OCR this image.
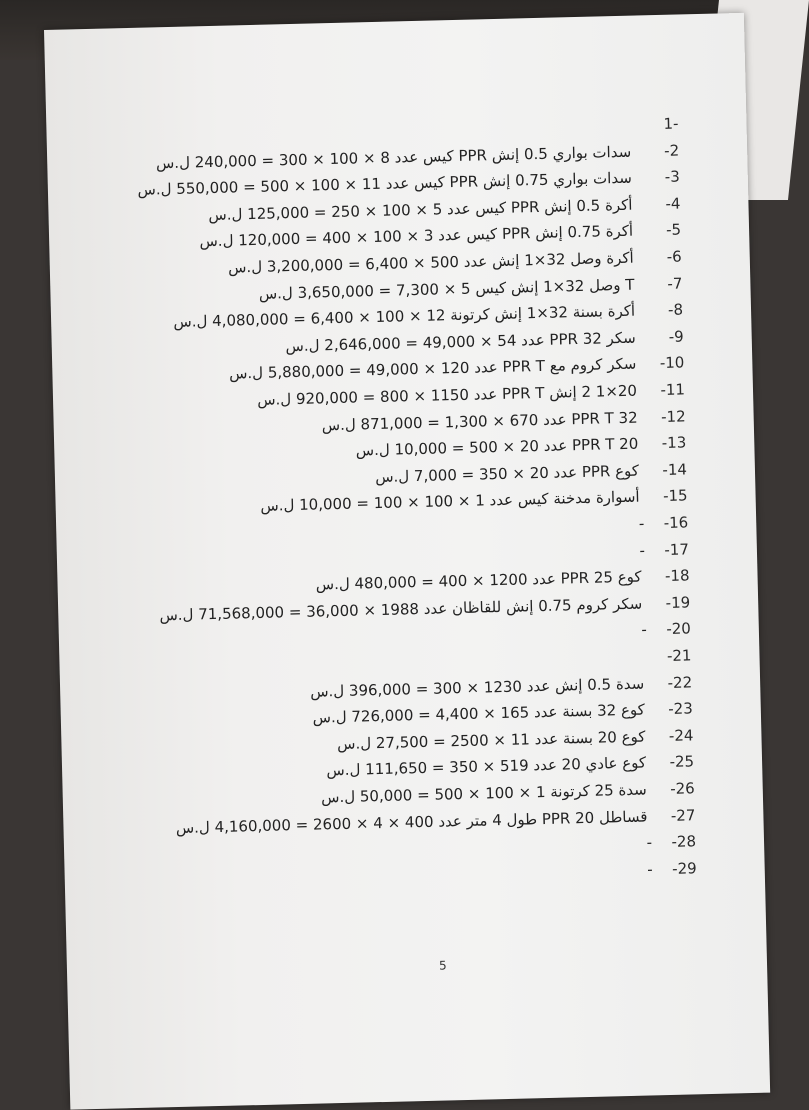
1-
-2
سدات بواري 0.5 إنش PPR كيس عدد 8 × 100 × 300 = 240,000 ل.س
-3
سدات بواري 0.75 إنش PPR كيس عدد 11 × 100 × 500 = 550,000 ل.س
-4
أكرة 0.5 إنش PPR كيس عدد 5 × 100 × 250 = 125,000 ل.س
-5
أكرة 0.75 إنش PPR كيس عدد 3 × 100 × 400 = 120,000 ل.س
-6
أكرة وصل 32×1 إنش عدد 500 × 6,400 = 3,200,000 ل.س
-7
T وصل 32×1 إنش كيس 5 × 7,300 = 3,650,000 ل.س
-8
أكرة بسنة 32×1 إنش كرتونة 12 × 100 × 6,400 = 4,080,000 ل.س
-9
سكر PPR 32 عدد 54 × 49,000 = 2,646,000 ل.س
-10
سكر كروم مع PPR T عدد 120 × 49,000 = 5,880,000 ل.س
-11
20×1 2 إنش PPR T عدد 1150 × 800 = 920,000 ل.س
-12
PPR T 32 عدد 670 × 1,300 = 871,000 ل.س
-13
PPR T 20 عدد 20 × 500 = 10,000 ل.س
-14
كوع PPR عدد 20 × 350 = 7,000 ل.س
-15
أسوارة مدخنة كيس عدد 1 × 100 × 100 = 10,000 ل.س
-16
-
-17
-
-18
كوع PPR 25 عدد 1200 × 400 = 480,000 ل.س
-19
سكر كروم 0.75 إنش للقاظان عدد 1988 × 36,000 = 71,568,000 ل.س
-20
-
-21
-22
سدة 0.5 إنش عدد 1230 × 300 = 396,000 ل.س
-23
كوع 32 بسنة عدد 165 × 4,400 = 726,000 ل.س
-24
كوع 20 بسنة عدد 11 × 2500 = 27,500 ل.س
-25
كوع عادي 20 عدد 519 × 350 = 111,650 ل.س
-26
سدة 25 كرتونة 1 × 100 × 500 = 50,000 ل.س
-27
قساطل PPR 20 طول 4 متر عدد 400 × 4 × 2600 = 4,160,000 ل.س
-28
-
-29
-
5
